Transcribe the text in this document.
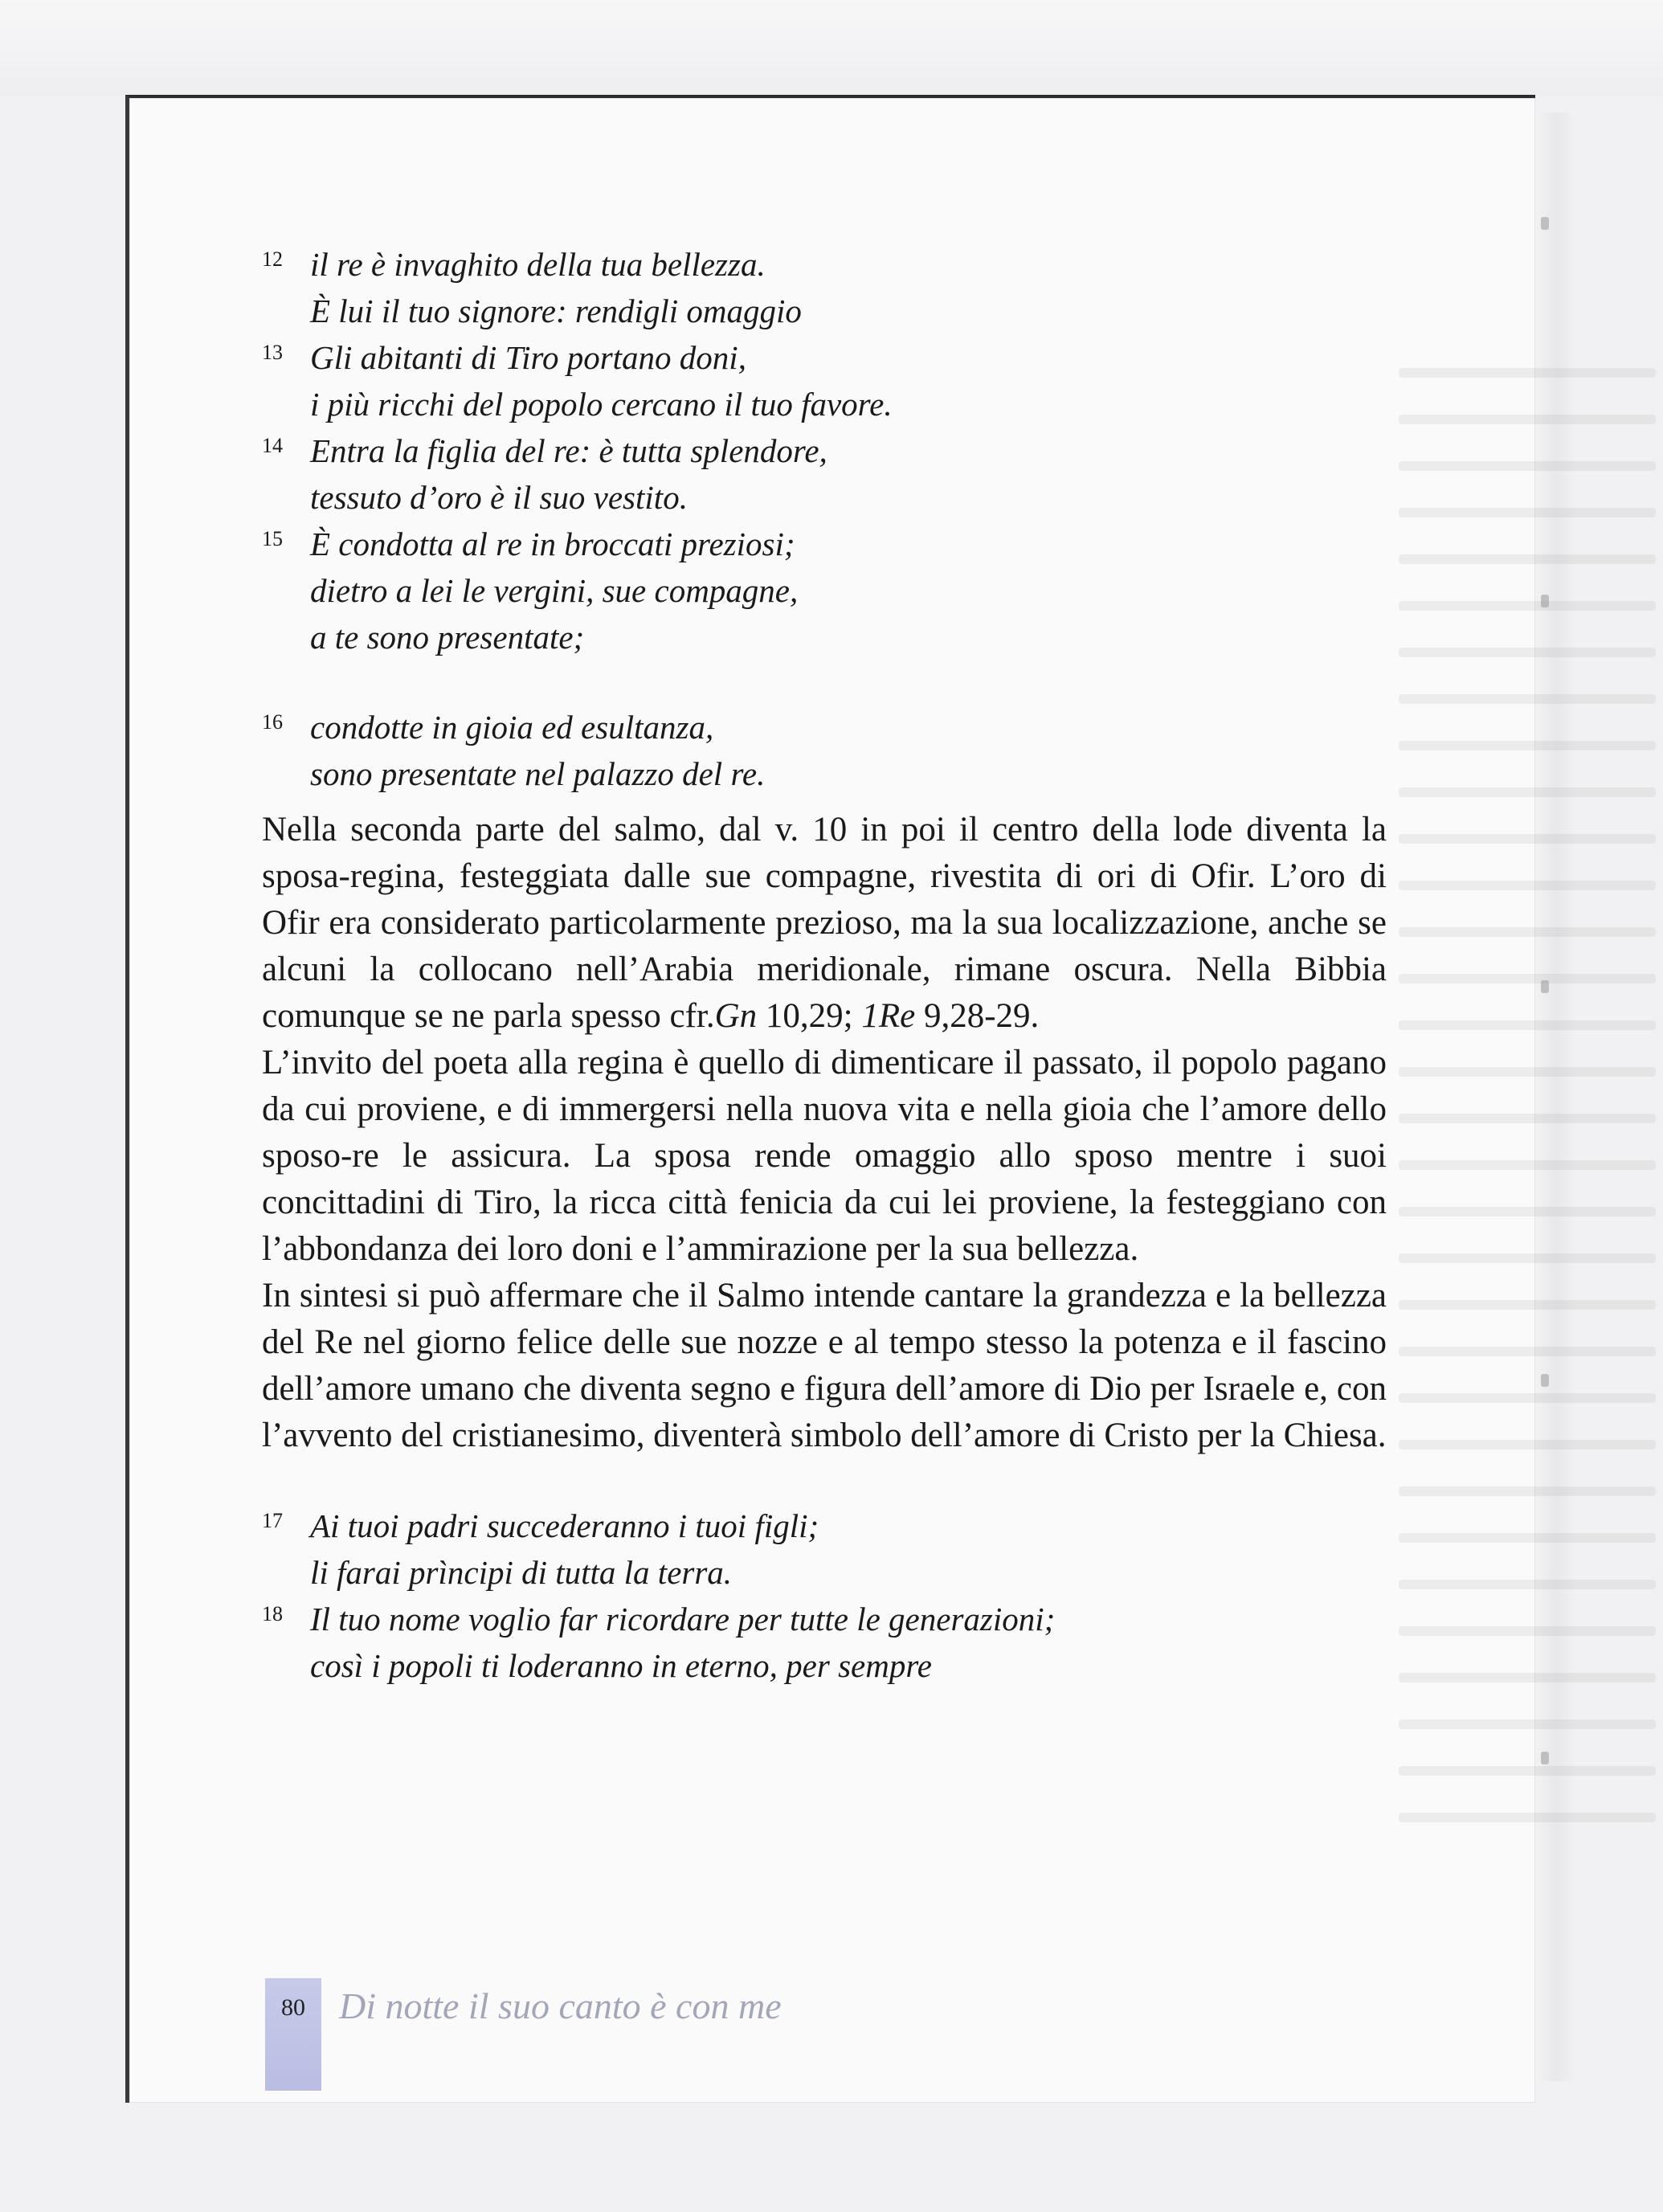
12 il re è invaghito della tua bellezza.
È lui il tuo signore: rendigli omaggio
13 Gli abitanti di Tiro portano doni,
i più ricchi del popolo cercano il tuo favore.
14 Entra la figlia del re: è tutta splendore,
tessuto d’oro è il suo vestito.
15 È condotta al re in broccati preziosi;
dietro a lei le vergini, sue compagne,
a te sono presentate;
16 condotte in gioia ed esultanza,
sono presentate nel palazzo del re.

Nella seconda parte del salmo, dal v. 10 in poi il centro della lode diventa la sposa-regina, festeggiata dalle sue compagne, rivestita di ori di Ofir. L’oro di Ofir era considerato particolarmente prezioso, ma la sua localizzazione, anche se alcuni la collocano nell’Arabia meridionale, rimane oscura. Nella Bibbia comunque se ne parla spesso cfr.Gn 10,29; 1Re 9,28-29.

L’invito del poeta alla regina è quello di dimenticare il passato, il popolo pagano da cui proviene, e di immergersi nella nuova vita e nella gioia che l’amore dello sposo-re le assicura. La sposa rende omaggio allo sposo mentre i suoi concittadini di Tiro, la ricca città fenicia da cui lei proviene, la festeggiano con l’abbondanza dei loro doni e l’ammirazione per la sua bellezza.

In sintesi si può affermare che il Salmo intende cantare la grandezza e la bellezza del Re nel giorno felice delle sue nozze e al tempo stesso la potenza e il fascino dell’amore umano che diventa segno e figura dell’amore di Dio per Israele e, con l’avvento del cristianesimo, diventerà simbolo dell’amore di Cristo per la Chiesa.

17 Ai tuoi padri succederanno i tuoi figli;
li farai prìncipi di tutta la terra.
18 Il tuo nome voglio far ricordare per tutte le generazioni;
così i popoli ti loderanno in eterno, per sempre
80 Di notte il suo canto è con me
